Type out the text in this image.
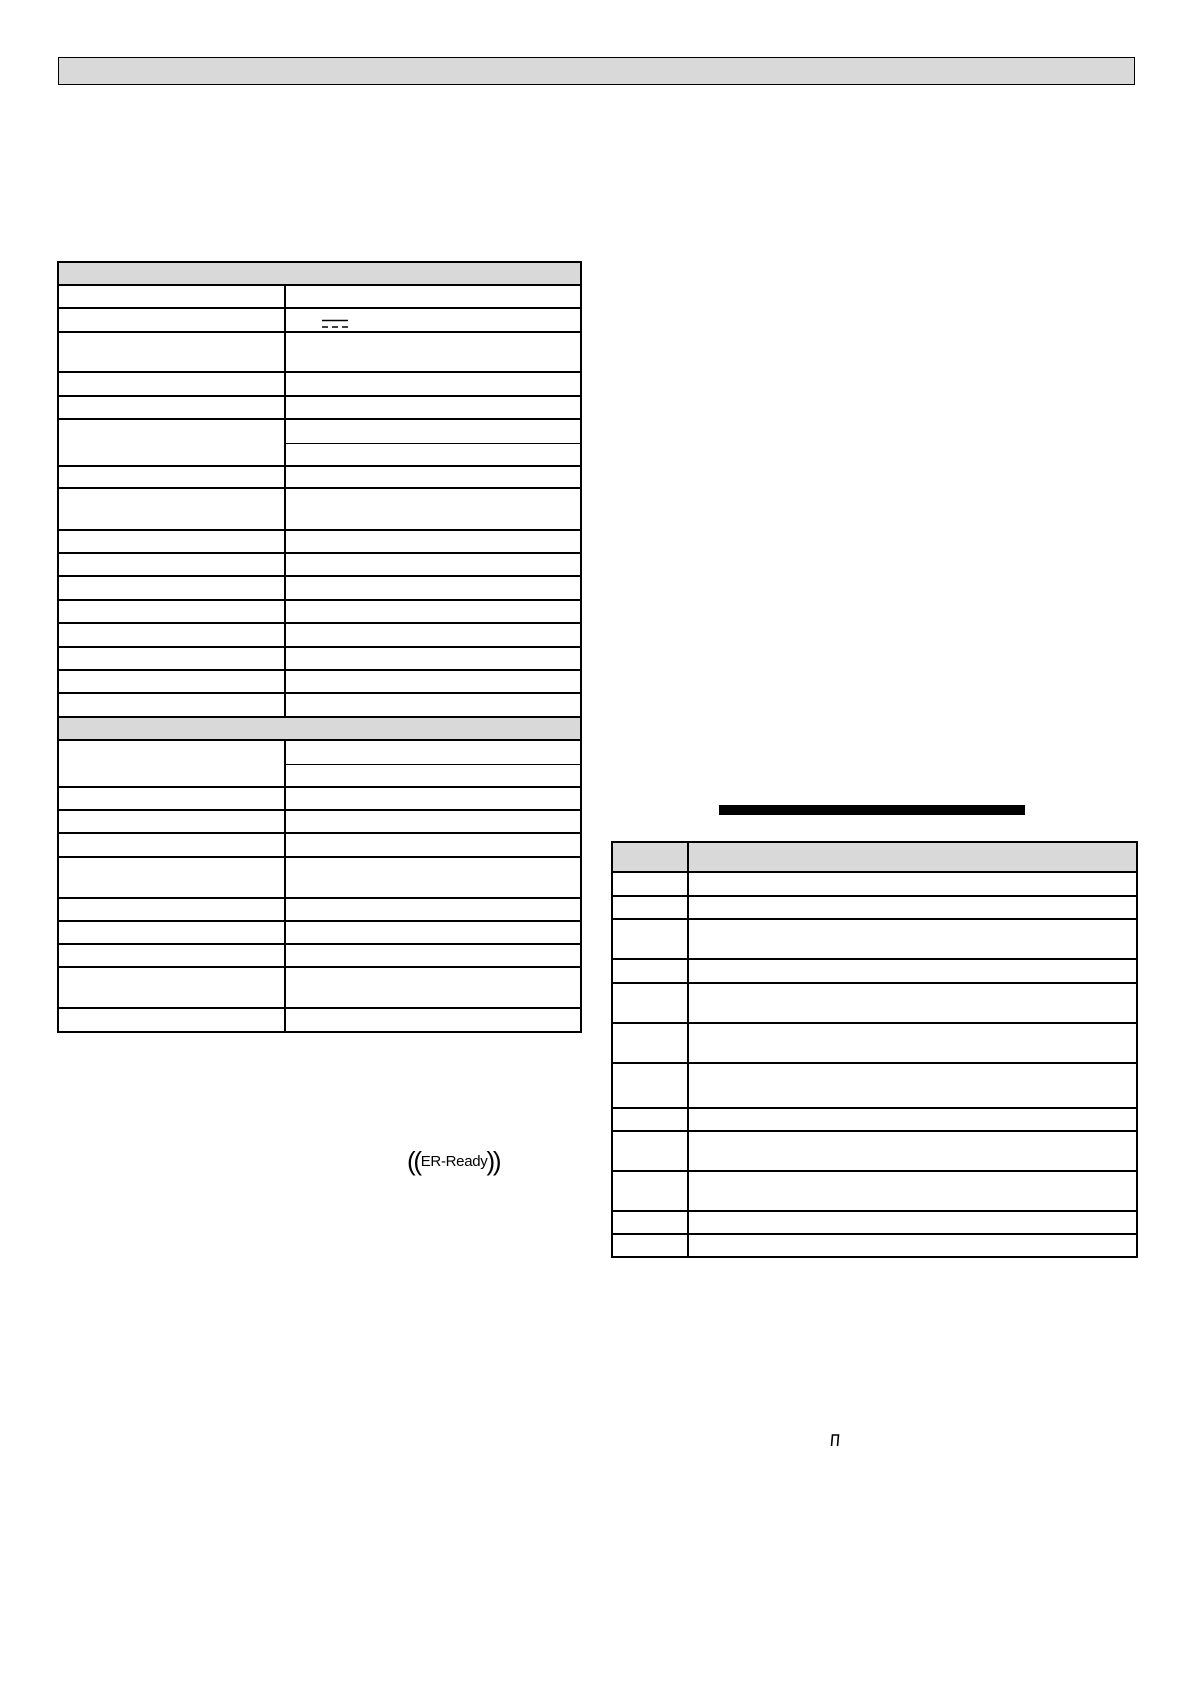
(
( ER-Ready )
)
